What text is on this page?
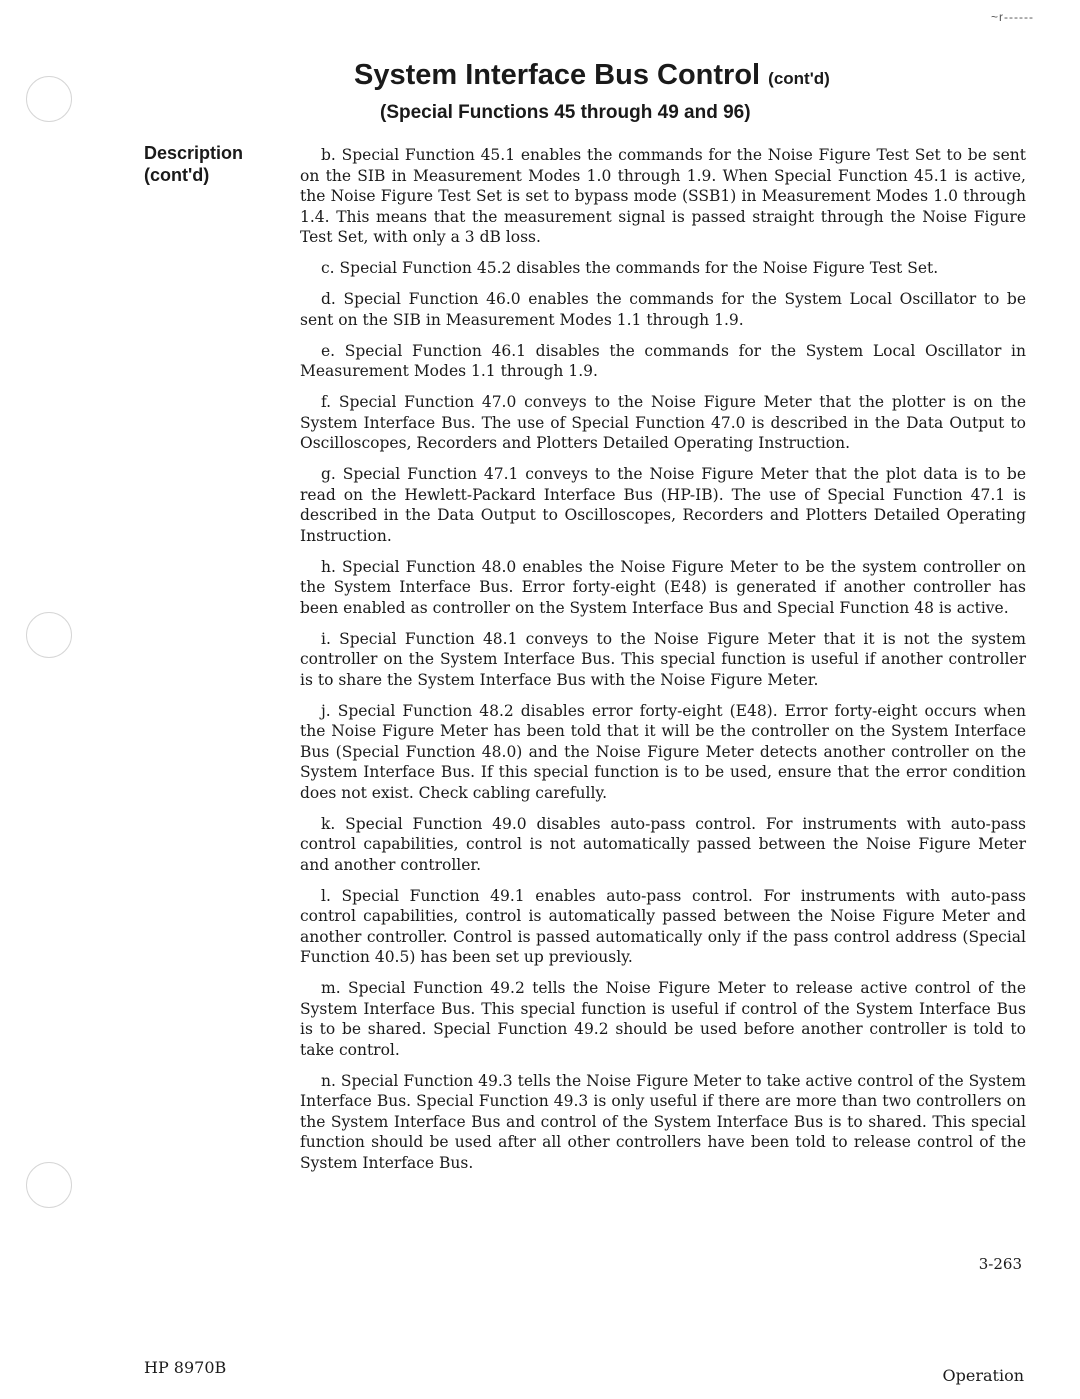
~r------
System Interface Bus Control (cont'd)
(Special Functions 45 through 49 and 96)
Description
(cont'd)

b. Special Function 45.1 enables the commands for the Noise Figure Test Set to be sent on the SIB in Measurement Modes 1.0 through 1.9. When Special Function 45.1 is active, the Noise Figure Test Set is set to bypass mode (SSB1) in Measurement Modes 1.0 through 1.4. This means that the measurement signal is passed straight through the Noise Figure Test Set, with only a 3 dB loss.

c. Special Function 45.2 disables the commands for the Noise Figure Test Set.

d. Special Function 46.0 enables the commands for the System Local Oscillator to be sent on the SIB in Measurement Modes 1.1 through 1.9.

e. Special Function 46.1 disables the commands for the System Local Oscillator in Measurement Modes 1.1 through 1.9.

f. Special Function 47.0 conveys to the Noise Figure Meter that the plotter is on the System Interface Bus. The use of Special Function 47.0 is described in the Data Output to Oscilloscopes, Recorders and Plotters Detailed Operating Instruction.

g. Special Function 47.1 conveys to the Noise Figure Meter that the plot data is to be read on the Hewlett-Packard Interface Bus (HP-IB). The use of Special Function 47.1 is described in the Data Output to Oscilloscopes, Recorders and Plotters Detailed Operating Instruction.

h. Special Function 48.0 enables the Noise Figure Meter to be the system controller on the System Interface Bus. Error forty-eight (E48) is generated if another controller has been enabled as controller on the System Interface Bus and Special Function 48 is active.

i. Special Function 48.1 conveys to the Noise Figure Meter that it is not the system controller on the System Interface Bus. This special function is useful if another controller is to share the System Interface Bus with the Noise Figure Meter.

j. Special Function 48.2 disables error forty-eight (E48). Error forty-eight occurs when the Noise Figure Meter has been told that it will be the controller on the System Interface Bus (Special Function 48.0) and the Noise Figure Meter detects another controller on the System Interface Bus. If this special function is to be used, ensure that the error condition does not exist. Check cabling carefully.

k. Special Function 49.0 disables auto-pass control. For instruments with auto-pass control capabilities, control is not automatically passed between the Noise Figure Meter and another controller.

l. Special Function 49.1 enables auto-pass control. For instruments with auto-pass control capabilities, control is automatically passed between the Noise Figure Meter and another controller. Control is passed automatically only if the pass control address (Special Function 40.5) has been set up previously.

m. Special Function 49.2 tells the Noise Figure Meter to release active control of the System Interface Bus. This special function is useful if control of the System Interface Bus is to be shared. Special Function 49.2 should be used before another controller is told to take control.

n. Special Function 49.3 tells the Noise Figure Meter to take active control of the System Interface Bus. Special Function 49.3 is only useful if there are more than two controllers on the System Interface Bus and control of the System Interface Bus is to shared. This special function should be used after all other controllers have been told to release control of the System Interface Bus.

3-263
HP 8970B	Operation
